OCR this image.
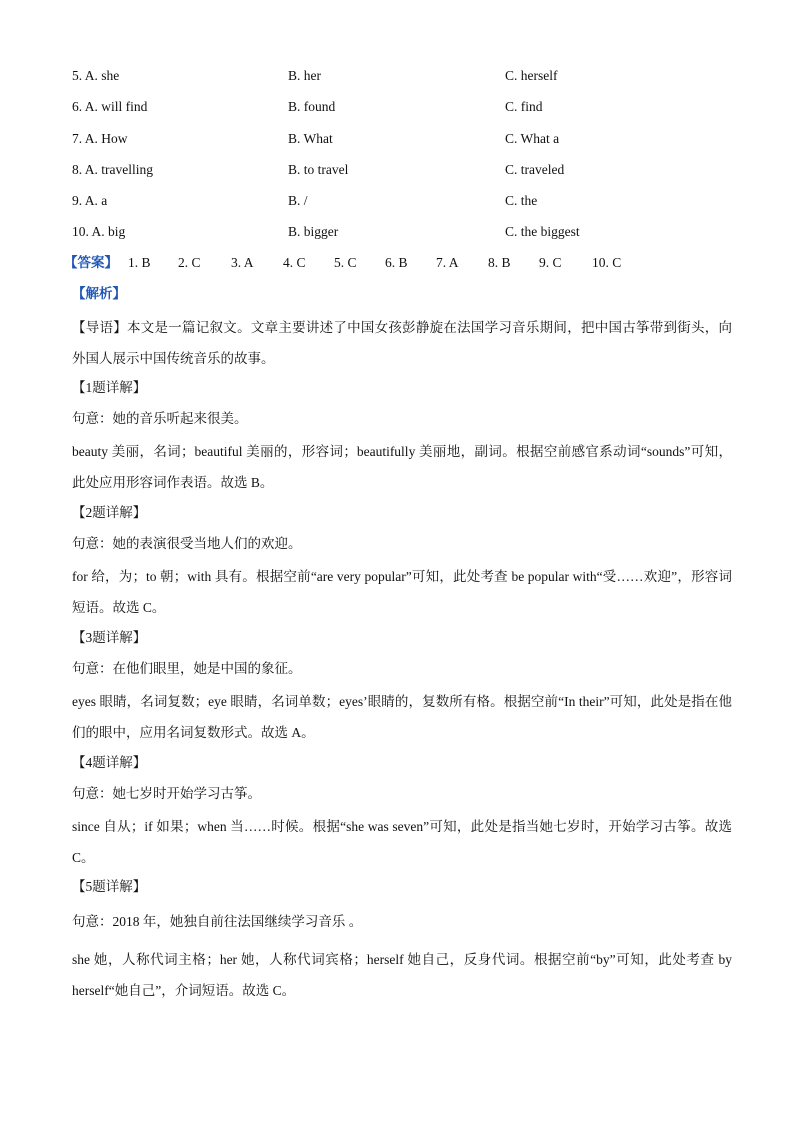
5. A. she	B. her	C. herself
6. A. will find	B. found	C. find
7. A. How	B. What	C. What a
8. A. travelling	B. to travel	C. traveled
9. A. a	B. /	C. the
10. A. big	B. bigger	C. the biggest
【答案】 1. B 2. C 3. A 4. C 5. C 6. B 7. A 8. B 9. C 10. C
【解析】
【导语】本文是一篇记叙文。文章主要讲述了中国女孩彭静旋在法国学习音乐期间，把中国古筝带到街头，向外国人展示中国传统音乐的故事。
【1题详解】
句意：她的音乐听起来很美。
beauty 美丽，名词；beautiful 美丽的，形容词；beautifully 美丽地，副词。根据空前感官系动词“sounds”可知，此处应用形容词作表语。故选 B。
【2题详解】
句意：她的表演很受当地人们的欢迎。
for 给，为；to 朝；with 具有。根据空前“are very popular”可知，此处考查 be popular with“受……欢迎”，形容词短语。故选 C。
【3题详解】
句意：在他们眼里，她是中国的象征。
eyes 眼睛，名词复数；eye 眼睛，名词单数；eyes’眼睛的，复数所有格。根据空前“In their”可知，此处是指在他们的眼中，应用名词复数形式。故选 A。
【4题详解】
句意：她七岁时开始学习古筝。
since 自从；if 如果；when 当……时候。根据“she was seven”可知，此处是指当她七岁时，开始学习古筝。故选 C。
【5题详解】
句意：2018 年，她独自前往法国继续学习音乐 。
she 她，人称代词主格；her 她，人称代词宾格；herself 她自己，反身代词。根据空前“by”可知，此处考查 by herself“她自己”，介词短语。故选 C。
